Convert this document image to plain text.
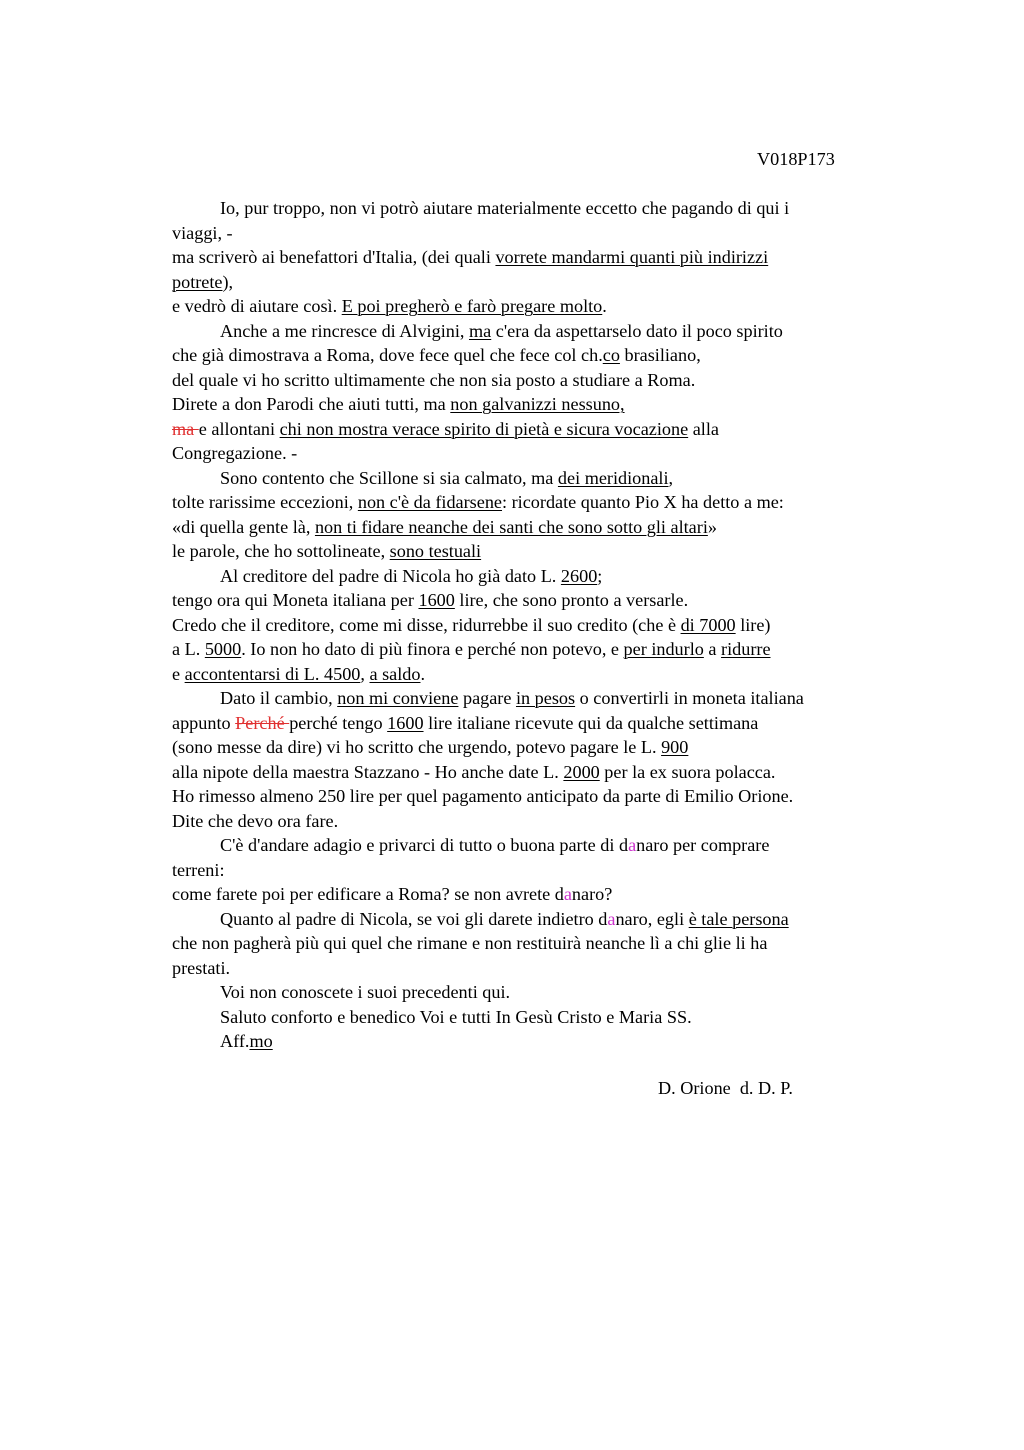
V018P173

Io, pur troppo, non vi potrò aiutare materialmente eccetto che pagando di qui i
viaggi, -
ma scriverò ai benefattori d'Italia, (dei quali vorrete mandarmi quanti più indirizzi
potrete),
e vedrò di aiutare così. E poi pregherò e farò pregare molto.
Anche a me rincresce di Alvigini, ma c'era da aspettarselo dato il poco spirito
che già dimostrava a Roma, dove fece quel che fece col ch.co brasiliano,
del quale vi ho scritto ultimamente che non sia posto a studiare a Roma.
Direte a don Parodi che aiuti tutti, ma non galvanizzi nessuno,
ma e allontani chi non mostra verace spirito di pietà e sicura vocazione alla
Congregazione. -
Sono contento che Scillone si sia calmato, ma dei meridionali,
tolte rarissime eccezioni, non c'è da fidarsene: ricordate quanto Pio X ha detto a me:
«di quella gente là, non ti fidare neanche dei santi che sono sotto gli altari»
le parole, che ho sottolineate, sono testuali
Al creditore del padre di Nicola ho già dato L. 2600;
tengo ora qui Moneta italiana per 1600 lire, che sono pronto a versarle.
Credo che il creditore, come mi disse, ridurrebbe il suo credito (che è di 7000 lire)
a L. 5000. Io non ho dato di più finora e perché non potevo, e per indurlo a ridurre
e accontentarsi di L. 4500, a saldo.
Dato il cambio, non mi conviene pagare in pesos o convertirli in moneta italiana
appunto Perché perché tengo 1600 lire italiane ricevute qui da qualche settimana
(sono messe da dire) vi ho scritto che urgendo, potevo pagare le L. 900
alla nipote della maestra Stazzano - Ho anche date L. 2000 per la ex suora polacca.
Ho rimesso almeno 250 lire per quel pagamento anticipato da parte di Emilio Orione.
Dite che devo ora fare.
C'è d'andare adagio e privarci di tutto o buona parte di danaro per comprare
terreni:
come farete poi per edificare a Roma? se non avrete danaro?
Quanto al padre di Nicola, se voi gli darete indietro danaro, egli è tale persona
che non pagherà più qui quel che rimane e non restituirà neanche lì a chi glie li ha
prestati.
Voi non conoscete i suoi precedenti qui.
Saluto conforto e benedico Voi e tutti In Gesù Cristo e Maria SS.
Aff.mo

D. Orione  d. D. P.
